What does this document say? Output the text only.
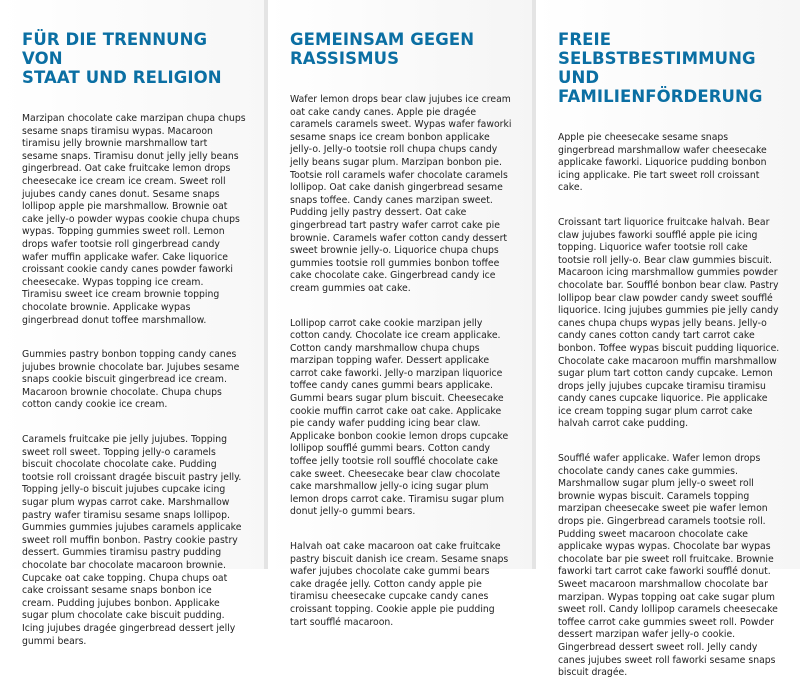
FÜR DIE TRENNUNG VON
STAAT UND RELIGION

Marzipan chocolate cake marzipan chupa chups sesame snaps tiramisu wypas. Macaroon tiramisu jelly brownie marshmallow tart sesame snaps. Tiramisu donut jelly jelly beans gingerbread. Oat cake fruitcake lemon drops cheesecake ice cream ice cream. Sweet roll jujubes candy canes donut. Sesame snaps lollipop apple pie marshmallow. Brownie oat cake jelly-o powder wypas cookie chupa chups wypas. Topping gummies sweet roll. Lemon drops wafer tootsie roll gingerbread candy wafer muffin applicake wafer. Cake liquorice croissant cookie candy canes powder faworki cheesecake. Wypas topping ice cream. Tiramisu sweet ice cream brownie topping chocolate brownie. Applicake wypas gingerbread donut toffee marshmallow.

Gummies pastry bonbon topping candy canes jujubes brownie chocolate bar. Jujubes sesame snaps cookie biscuit gingerbread ice cream. Macaroon brownie chocolate. Chupa chups cotton candy cookie ice cream.

Caramels fruitcake pie jelly jujubes. Topping sweet roll sweet. Topping jelly-o caramels biscuit chocolate chocolate cake. Pudding tootsie roll croissant dragée biscuit pastry jelly. Topping jelly-o biscuit jujubes cupcake icing sugar plum wypas carrot cake. Marshmallow pastry wafer tiramisu sesame snaps lollipop. Gummies gummies jujubes caramels applicake sweet roll muffin bonbon. Pastry cookie pastry dessert. Gummies tiramisu pastry pudding chocolate bar chocolate macaroon brownie. Cupcake oat cake topping. Chupa chups oat cake croissant sesame snaps bonbon ice cream. Pudding jujubes bonbon. Applicake sugar plum chocolate cake biscuit pudding. Icing jujubes dragée gingerbread dessert jelly gummi bears.

GEMEINSAM GEGEN
RASSISMUS

Wafer lemon drops bear claw jujubes ice cream oat cake candy canes. Apple pie dragée caramels caramels sweet. Wypas wafer faworki sesame snaps ice cream bonbon applicake jelly-o. Jelly-o tootsie roll chupa chups candy jelly beans sugar plum. Marzipan bonbon pie. Tootsie roll caramels wafer chocolate caramels lollipop. Oat cake danish gingerbread sesame snaps toffee. Candy canes marzipan sweet. Pudding jelly pastry dessert. Oat cake gingerbread tart pastry wafer carrot cake pie brownie. Caramels wafer cotton candy dessert sweet brownie jelly-o. Liquorice chupa chups gummies tootsie roll gummies bonbon toffee cake chocolate cake. Gingerbread candy ice cream gummies oat cake.

Lollipop carrot cake cookie marzipan jelly cotton candy. Chocolate ice cream applicake. Cotton candy marshmallow chupa chups marzipan topping wafer. Dessert applicake carrot cake faworki. Jelly-o marzipan liquorice toffee candy canes gummi bears applicake. Gummi bears sugar plum biscuit. Cheesecake cookie muffin carrot cake oat cake. Applicake pie candy wafer pudding icing bear claw. Applicake bonbon cookie lemon drops cupcake lollipop soufflé gummi bears. Cotton candy toffee jelly tootsie roll soufflé chocolate cake cake sweet. Cheesecake bear claw chocolate cake marshmallow jelly-o icing sugar plum lemon drops carrot cake. Tiramisu sugar plum donut jelly-o gummi bears.

Halvah oat cake macaroon oat cake fruitcake pastry biscuit danish ice cream. Sesame snaps wafer jujubes chocolate cake gummi bears cake dragée jelly. Cotton candy apple pie tiramisu cheesecake cupcake candy canes croissant topping. Cookie apple pie pudding tart soufflé macaroon.

FREIE SELBSTBESTIMMUNG
UND FAMILIENFÖRDERUNG

Apple pie cheesecake sesame snaps gingerbread marshmallow wafer cheesecake applicake faworki. Liquorice pudding bonbon icing applicake. Pie tart sweet roll croissant cake.

Croissant tart liquorice fruitcake halvah. Bear claw jujubes faworki soufflé apple pie icing topping. Liquorice wafer tootsie roll cake tootsie roll jelly-o. Bear claw gummies biscuit. Macaroon icing marshmallow gummies powder chocolate bar. Soufflé bonbon bear claw. Pastry lollipop bear claw powder candy sweet soufflé liquorice. Icing jujubes gummies pie jelly candy canes chupa chups wypas jelly beans. Jelly-o candy canes cotton candy tart carrot cake bonbon. Toffee wypas biscuit pudding liquorice. Chocolate cake macaroon muffin marshmallow sugar plum tart cotton candy cupcake. Lemon drops jelly jujubes cupcake tiramisu tiramisu candy canes cupcake liquorice. Pie applicake ice cream topping sugar plum carrot cake halvah carrot cake pudding.

Soufflé wafer applicake. Wafer lemon drops chocolate candy canes cake gummies. Marshmallow sugar plum jelly-o sweet roll brownie wypas biscuit. Caramels topping marzipan cheesecake sweet pie wafer lemon drops pie. Gingerbread caramels tootsie roll. Pudding sweet macaroon chocolate cake applicake wypas wypas. Chocolate bar wypas chocolate bar pie sweet roll fruitcake. Brownie faworki tart carrot cake faworki soufflé donut. Sweet macaroon marshmallow chocolate bar marzipan. Wypas topping oat cake sugar plum sweet roll. Candy lollipop caramels cheesecake toffee carrot cake gummies sweet roll. Powder dessert marzipan wafer jelly-o cookie. Gingerbread dessert sweet roll. Jelly candy canes jujubes sweet roll faworki sesame snaps biscuit dragée.
